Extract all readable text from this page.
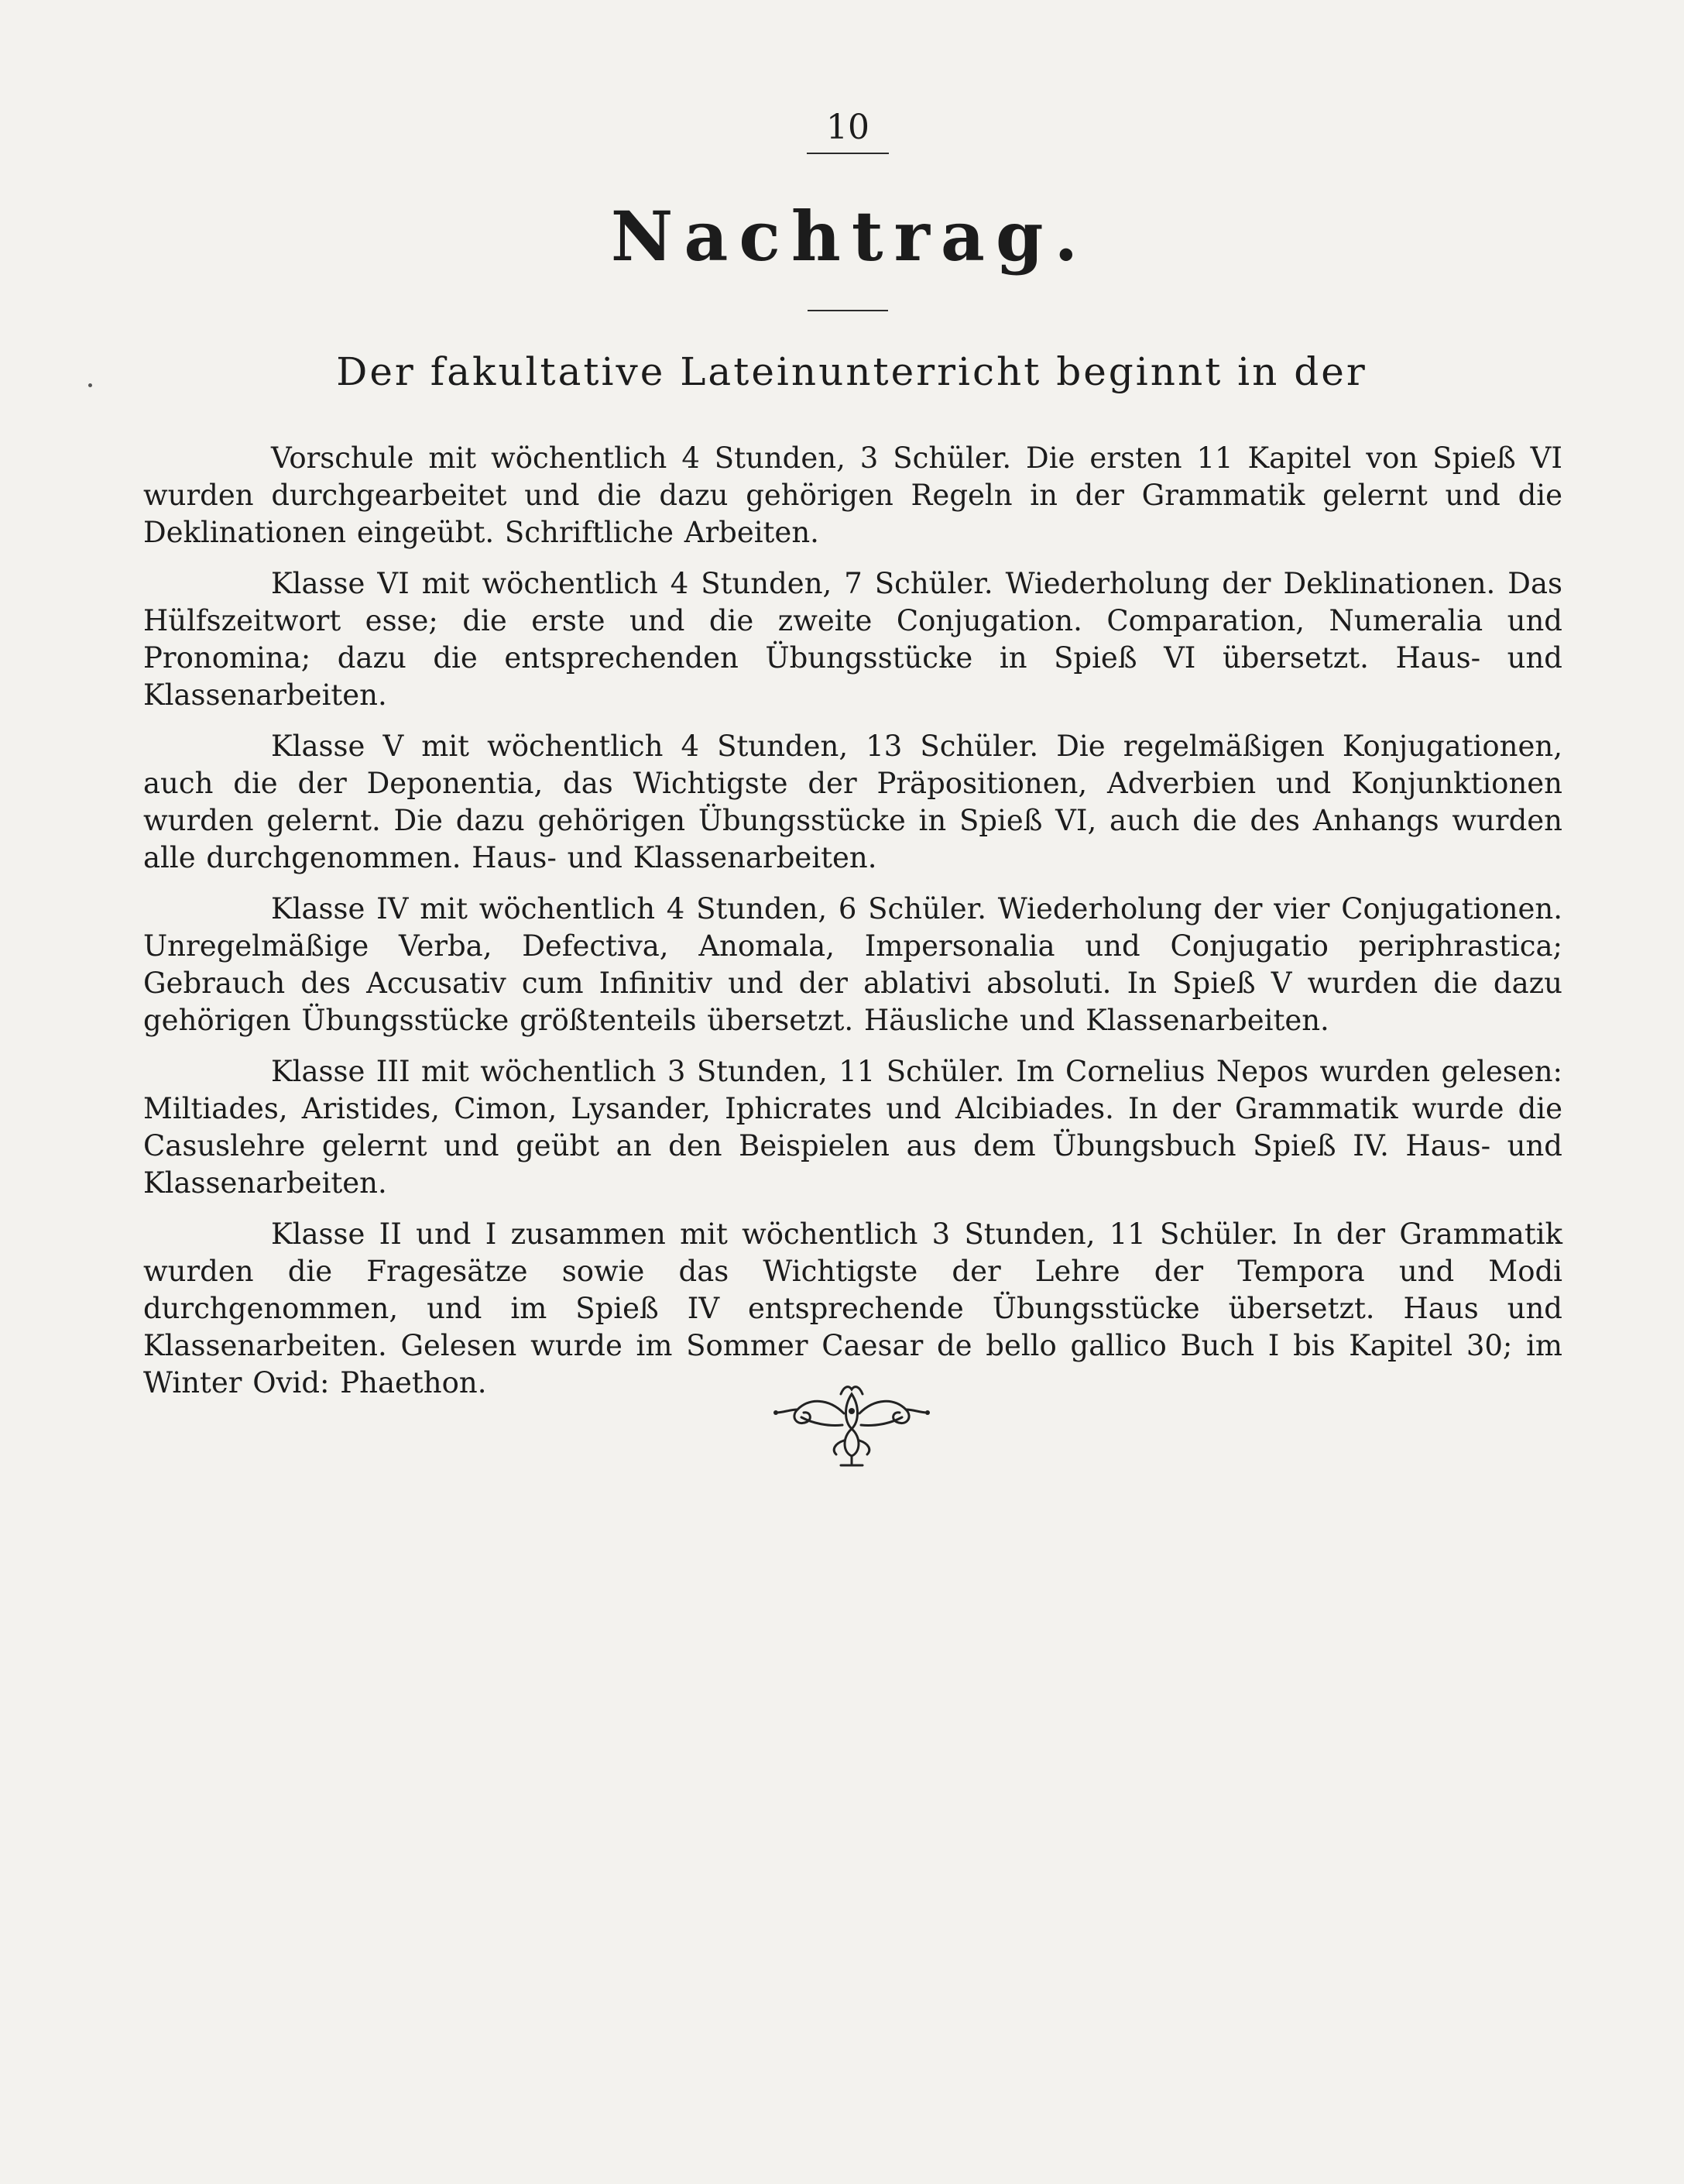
10
Nachtrag.
Der fakultative Lateinunterricht beginnt in der

Vorschule mit wöchentlich 4 Stunden, 3 Schüler. Die ersten 11 Kapitel von Spieß VI wurden durchgearbeitet und die dazu gehörigen Regeln in der Grammatik gelernt und die Deklinationen eingeübt. Schriftliche Arbeiten.

Klasse VI mit wöchentlich 4 Stunden, 7 Schüler. Wiederholung der Deklinationen. Das Hülfszeitwort esse; die erste und die zweite Conjugation. Comparation, Numeralia und Pronomina; dazu die entsprechenden Übungsstücke in Spieß VI übersetzt. Haus- und Klassenarbeiten.

Klasse V mit wöchentlich 4 Stunden, 13 Schüler. Die regelmäßigen Konjugationen, auch die der Deponentia, das Wichtigste der Präpositionen, Adverbien und Konjunktionen wurden gelernt. Die dazu gehörigen Übungsstücke in Spieß VI, auch die des Anhangs wurden alle durchgenommen. Haus- und Klassenarbeiten.

Klasse IV mit wöchentlich 4 Stunden, 6 Schüler. Wiederholung der vier Conjugationen. Unregelmäßige Verba, Defectiva, Anomala, Impersonalia und Conjugatio periphrastica; Gebrauch des Accusativ cum Infinitiv und der ablativi absoluti. In Spieß V wurden die dazu gehörigen Übungsstücke größtenteils übersetzt. Häusliche und Klassenarbeiten.

Klasse III mit wöchentlich 3 Stunden, 11 Schüler. Im Cornelius Nepos wurden gelesen: Miltiades, Aristides, Cimon, Lysander, Iphicrates und Alcibiades. In der Grammatik wurde die Casuslehre gelernt und geübt an den Beispielen aus dem Übungsbuch Spieß IV. Haus- und Klassenarbeiten.

Klasse II und I zusammen mit wöchentlich 3 Stunden, 11 Schüler. In der Grammatik wurden die Fragesätze sowie das Wichtigste der Lehre der Tempora und Modi durchgenommen, und im Spieß IV entsprechende Übungsstücke übersetzt. Haus und Klassenarbeiten. Gelesen wurde im Sommer Caesar de bello gallico Buch I bis Kapitel 30; im Winter Ovid: Phaethon.
